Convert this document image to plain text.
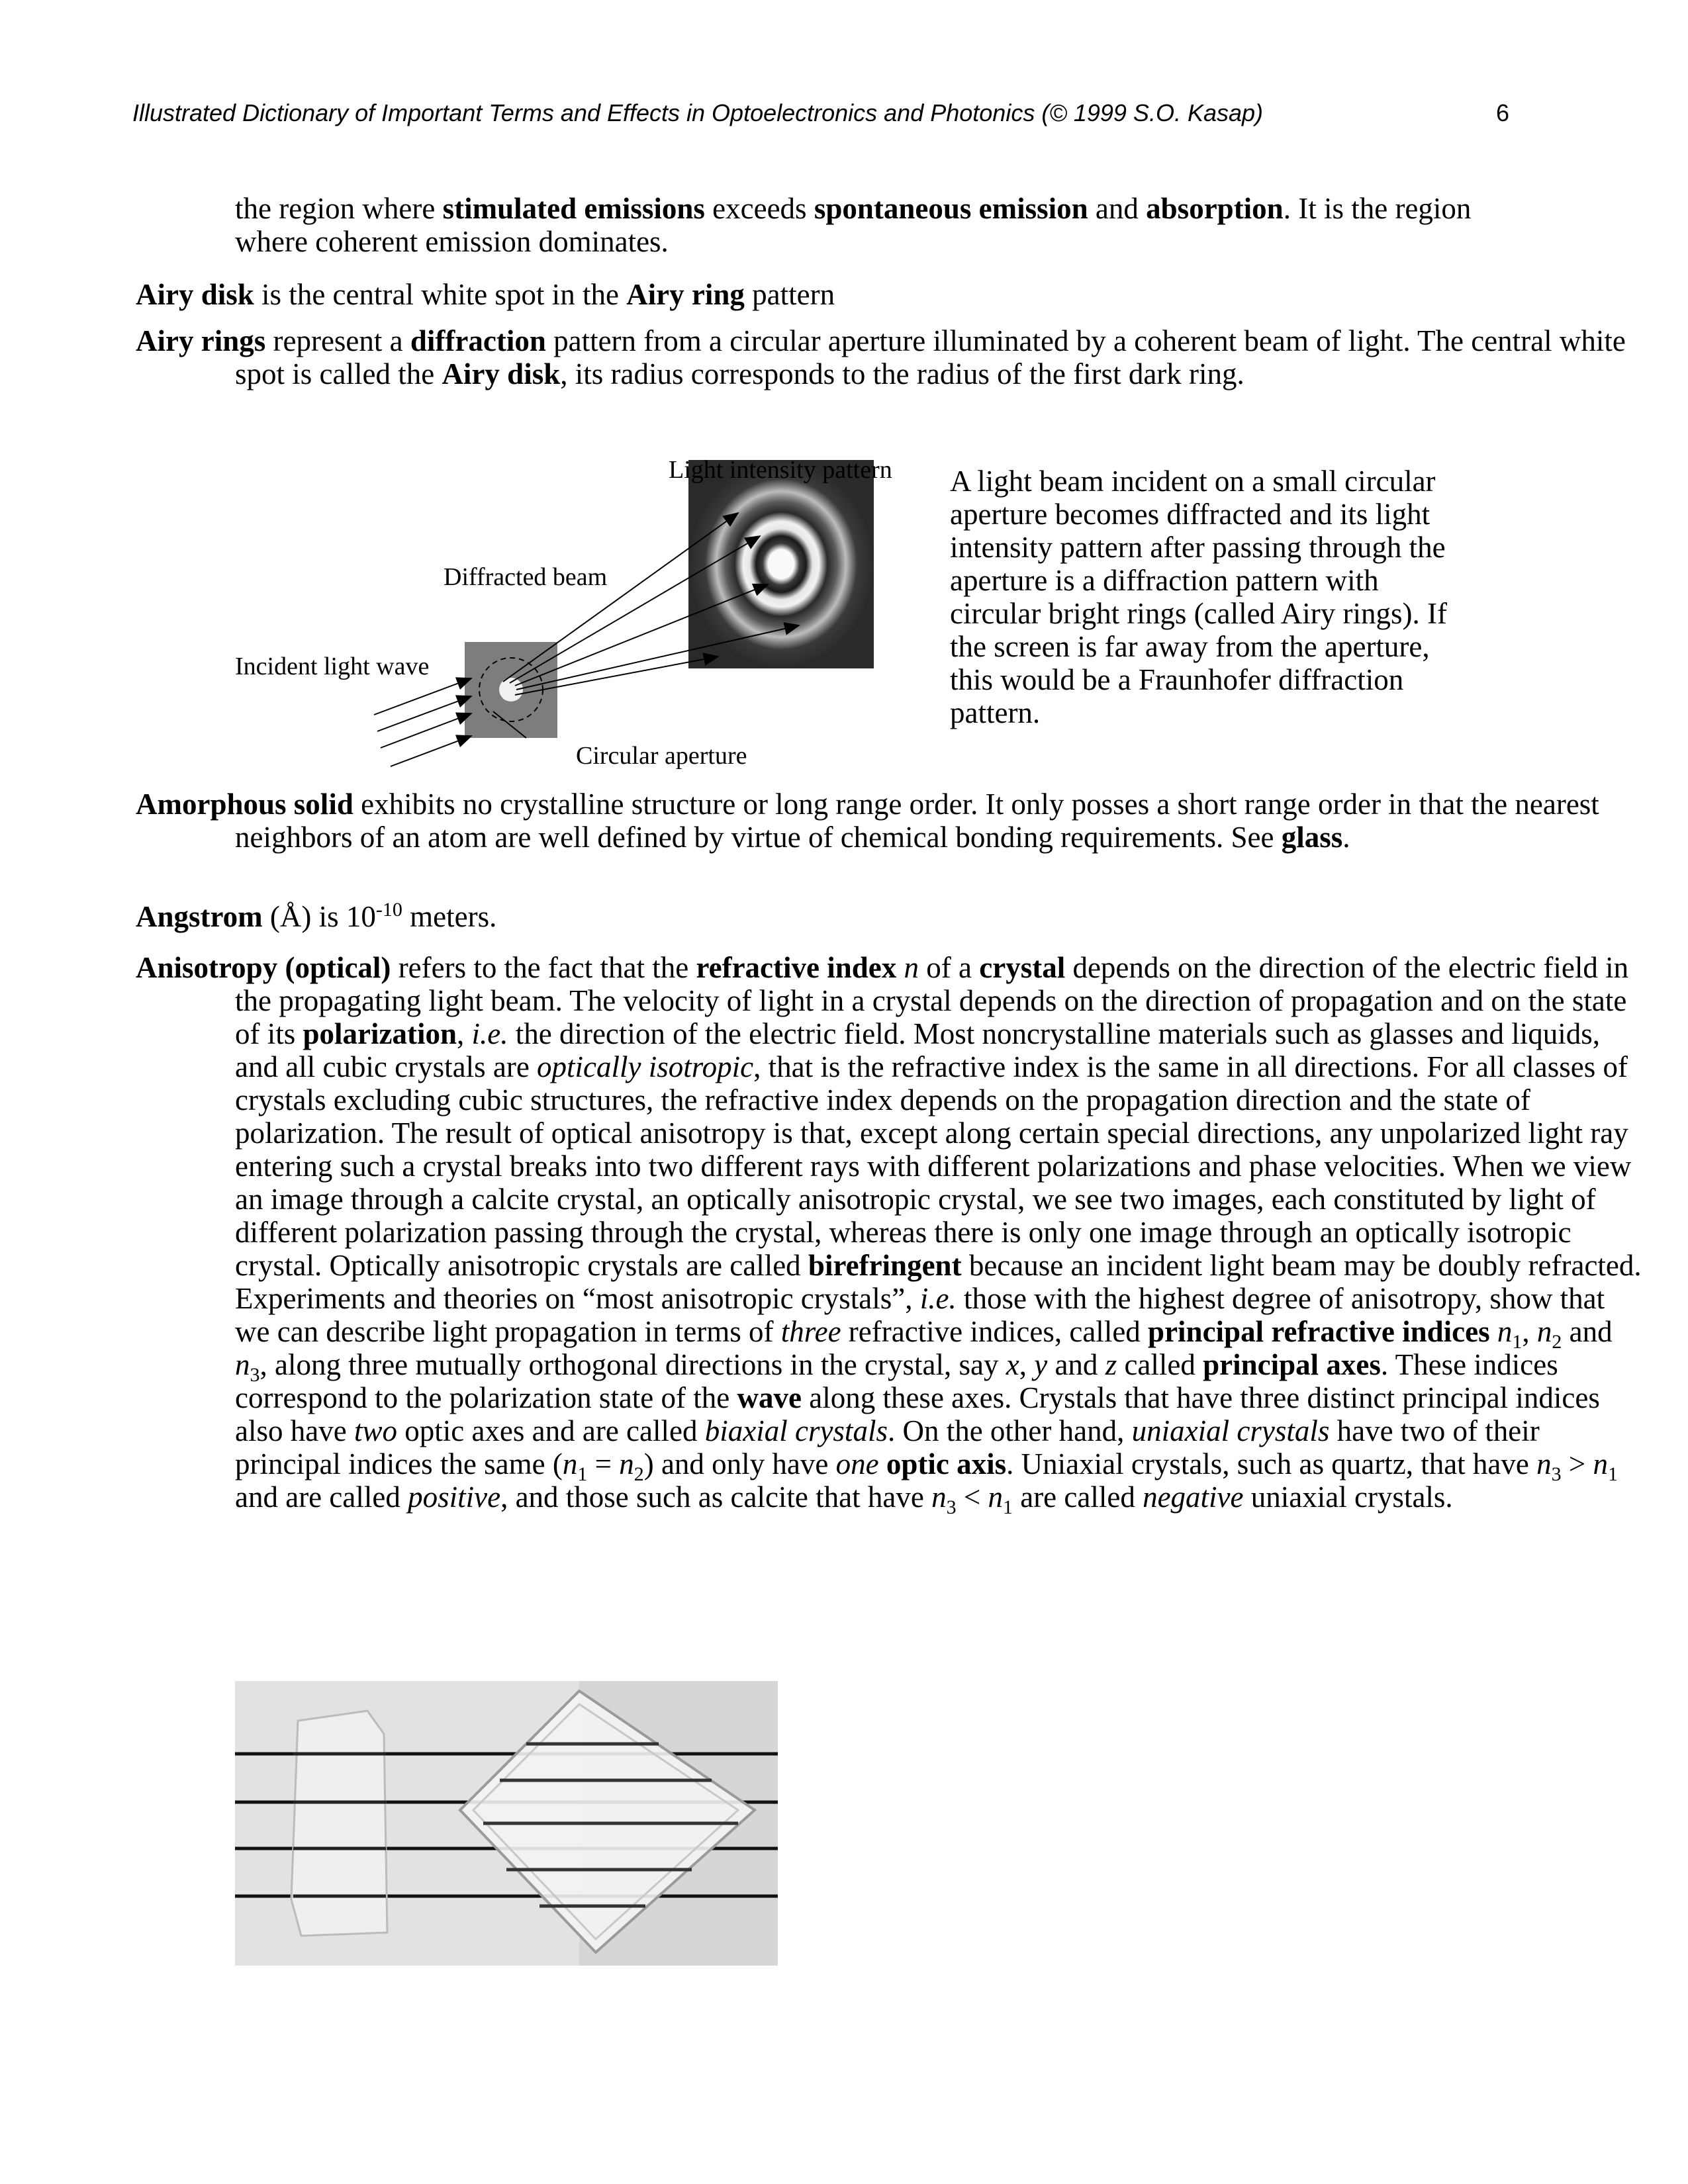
Illustrated Dictionary of Important Terms and Effects in Optoelectronics and Photonics (© 1999 S.O. Kasap)	6

the region where stimulated emissions exceeds spontaneous emission and absorption. It is the region where coherent emission dominates.

Airy disk is the central white spot in the Airy ring pattern

Airy rings represent a diffraction pattern from a circular aperture illuminated by a coherent beam of light. The central white spot is called the Airy disk, its radius corresponds to the radius of the first dark ring.

Light intensity pattern
Diffracted beam
Incident light wave
Circular aperture

A light beam incident on a small circular aperture becomes diffracted and its light intensity pattern after passing through the aperture is a diffraction pattern with circular bright rings (called Airy rings). If the screen is far away from the aperture, this would be a Fraunhofer diffraction pattern.

Amorphous solid exhibits no crystalline structure or long range order. It only posses a short range order in that the nearest neighbors of an atom are well defined by virtue of chemical bonding requirements. See glass.

Angstrom (Å) is $10^{-10}$ meters.

Anisotropy (optical) refers to the fact that the refractive index n of a crystal depends on the direction of the electric field in the propagating light beam. The velocity of light in a crystal depends on the direction of propagation and on the state of its polarization, i.e. the direction of the electric field. Most noncrystalline materials such as glasses and liquids, and all cubic crystals are optically isotropic, that is the refractive index is the same in all directions. For all classes of crystals excluding cubic structures, the refractive index depends on the propagation direction and the state of polarization. The result of optical anisotropy is that, except along certain special directions, any unpolarized light ray entering such a crystal breaks into two different rays with different polarizations and phase velocities. When we view an image through a calcite crystal, an optically anisotropic crystal, we see two images, each constituted by light of different polarization passing through the crystal, whereas there is only one image through an optically isotropic crystal. Optically anisotropic crystals are called birefringent because an incident light beam may be doubly refracted. Experiments and theories on “most anisotropic crystals”, i.e. those with the highest degree of anisotropy, show that we can describe light propagation in terms of three refractive indices, called principal refractive indices $n_1$, $n_2$ and $n_3$, along three mutually orthogonal directions in the crystal, say x, y and z called principal axes. These indices correspond to the polarization state of the wave along these axes. Crystals that have three distinct principal indices also have two optic axes and are called biaxial crystals. On the other hand, uniaxial crystals have two of their principal indices the same $(n_1 = n_2)$ and only have one optic axis. Uniaxial crystals, such as quartz, that have $n_3 > n_1$ and are called positive, and those such as calcite that have $n_3 < n_1$ are called negative uniaxial crystals.
